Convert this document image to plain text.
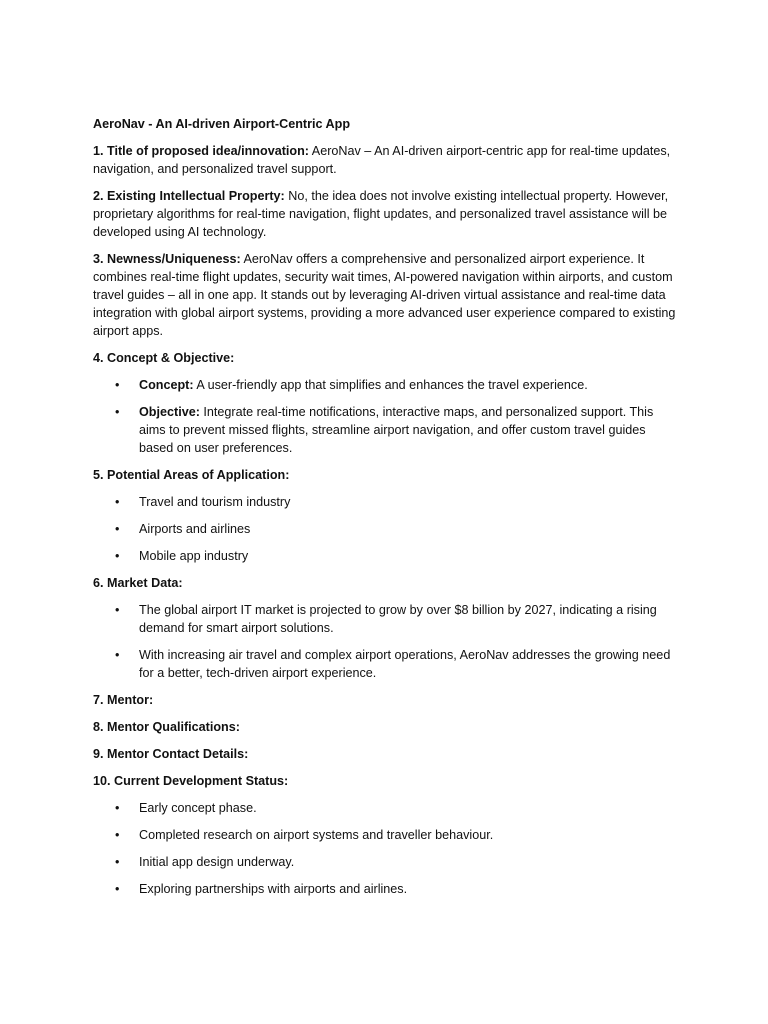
AeroNav - An AI-driven Airport-Centric App

1. Title of proposed idea/innovation: AeroNav – An AI-driven airport-centric app for real-time updates, navigation, and personalized travel support.

2. Existing Intellectual Property: No, the idea does not involve existing intellectual property. However, proprietary algorithms for real-time navigation, flight updates, and personalized travel assistance will be developed using AI technology.

3. Newness/Uniqueness: AeroNav offers a comprehensive and personalized airport experience. It combines real-time flight updates, security wait times, AI-powered navigation within airports, and custom travel guides – all in one app. It stands out by leveraging AI-driven virtual assistance and real-time data integration with global airport systems, providing a more advanced user experience compared to existing airport apps.

4. Concept & Objective:
• Concept: A user-friendly app that simplifies and enhances the travel experience.
• Objective: Integrate real-time notifications, interactive maps, and personalized support. This aims to prevent missed flights, streamline airport navigation, and offer custom travel guides based on user preferences.
5. Potential Areas of Application:
• Travel and tourism industry
• Airports and airlines
• Mobile app industry
6. Market Data:
• The global airport IT market is projected to grow by over $8 billion by 2027, indicating a rising demand for smart airport solutions.
• With increasing air travel and complex airport operations, AeroNav addresses the growing need for a better, tech-driven airport experience.
7. Mentor:
8. Mentor Qualifications:
9. Mentor Contact Details:
10. Current Development Status:
• Early concept phase.
• Completed research on airport systems and traveller behaviour.
• Initial app design underway.
• Exploring partnerships with airports and airlines.
